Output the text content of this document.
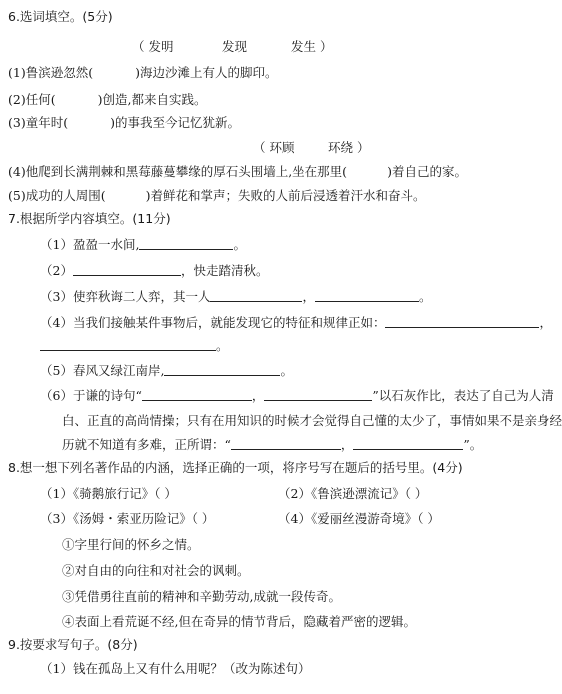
6.选词填空。(5分)
（ 发明	发现	发生 ）
(1)鲁滨逊忽然(	)海边沙滩上有人的脚印。
(2)任何(	)创造,都来自实践。
(3)童年时(	)的事我至今记忆犹新。
（ 环顾	环绕 ）
(4)他爬到长满荆棘和黑莓藤蔓攀缘的厚石头围墙上,坐在那里(	)着自己的家。
(5)成功的人周围(	)着鲜花和掌声；失败的人前后浸透着汗水和奋斗。
7.根据所学内容填空。(11分)
（1）盈盈一水间,	。
（2）	，快走踏清秋。
（3）使弈秋诲二人弈，其一人	，	。
（4）当我们接触某件事物后，就能发现它的特征和规律正如：	，
。
（5）春风又绿江南岸,	。
（6）于谦的诗句“	，	”以石灰作比，表达了自己为人清
白、正直的高尚情操；只有在用知识的时候才会觉得自己懂的太少了，事情如果不是亲身经
历就不知道有多难，正所谓：“	，	”。
8.想一想下列名著作品的内涵，选择正确的一项，将序号写在题后的括号里。(4分)
（1）《骑鹅旅行记》（ ）	（2）《鲁滨逊漂流记》（ ）
（3）《汤姆・索亚历险记》（ ）	（4）《爱丽丝漫游奇境》（ ）
①字里行间的怀乡之情。
②对自由的向往和对社会的讽刺。
③凭借勇往直前的精神和辛勤劳动,成就一段传奇。
④表面上看荒诞不经,但在奇异的情节背后，隐藏着严密的逻辑。
9.按要求写句子。(8分)
（1）钱在孤岛上又有什么用呢？（改为陈述句）
